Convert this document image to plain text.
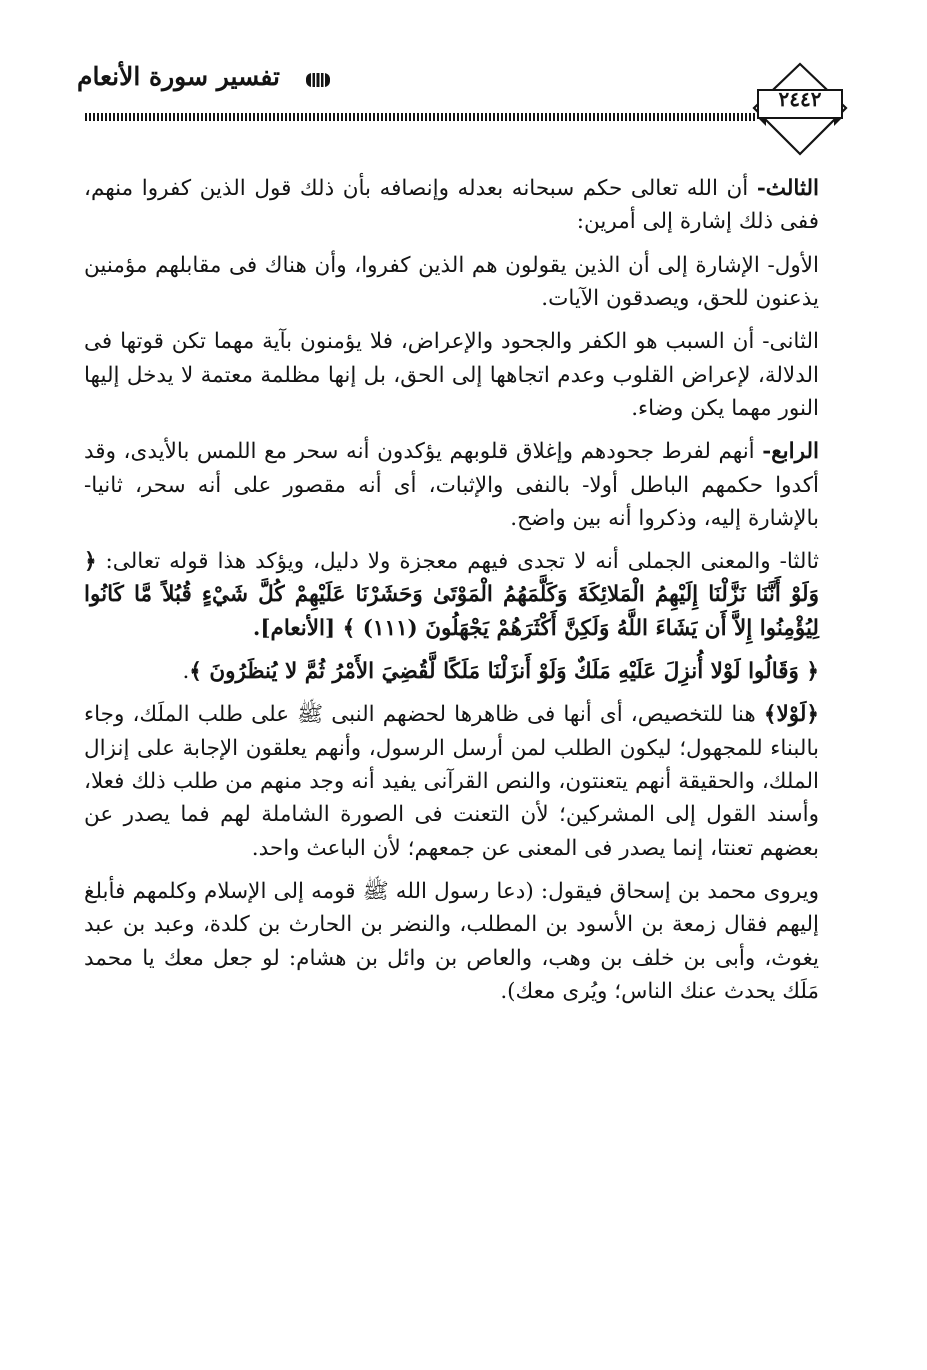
تفسير سورة الأنعام
٢٤٤٢

الثالث- أن الله تعالى حكم سبحانه بعدله وإنصافه بأن ذلك قول الذين كفروا منهم، ففى ذلك إشارة إلى أمرين:

الأول- الإشارة إلى أن الذين يقولون هم الذين كفروا، وأن هناك فى مقابلهم مؤمنين يذعنون للحق، ويصدقون الآيات.

الثانى- أن السبب هو الكفر والجحود والإعراض، فلا يؤمنون بآية مهما تكن قوتها فى الدلالة، لإعراض القلوب وعدم اتجاهها إلى الحق، بل إنها مظلمة معتمة لا يدخل إليها النور مهما يكن وضاء.

الرابع- أنهم لفرط جحودهم وإغلاق قلوبهم يؤكدون أنه سحر مع اللمس بالأيدى، وقد أكدوا حكمهم الباطل أولا- بالنفى والإثبات، أى أنه مقصور على أنه سحر، ثانيا- بالإشارة إليه، وذكروا أنه بين واضح.

ثالثا- والمعنى الجملى أنه لا تجدى فيهم معجزة ولا دليل، ويؤكد هذا قوله تعالى: ﴿ وَلَوْ أَنَّنَا نَزَّلْنَا إِلَيْهِمُ الْمَلائِكَةَ وَكَلَّمَهُمُ الْمَوْتَىٰ وَحَشَرْنَا عَلَيْهِمْ كُلَّ شَيْءٍ قُبُلاً مَّا كَانُوا لِيُؤْمِنُوا إِلاَّ أَن يَشَاءَ اللَّهُ وَلَكِنَّ أَكْثَرَهُمْ يَجْهَلُونَ (١١١) ﴾ [الأنعام].

﴿ وَقَالُوا لَوْلا أُنزِلَ عَلَيْهِ مَلَكٌ وَلَوْ أَنزَلْنَا مَلَكًا لَّقُضِيَ الأَمْرُ ثُمَّ لا يُنظَرُونَ ﴾.

﴿لَوْلا﴾ هنا للتخصيص، أى أنها فى ظاهرها لحضهم النبى ﷺ على طلب الملَك، وجاء بالبناء للمجهول؛ ليكون الطلب لمن أرسل الرسول، وأنهم يعلقون الإجابة على إنزال الملك، والحقيقة أنهم يتعنتون، والنص القرآنى يفيد أنه وجد منهم من طلب ذلك فعلا، وأسند القول إلى المشركين؛ لأن التعنت فى الصورة الشاملة لهم فما يصدر عن بعضهم تعنتا، إنما يصدر فى المعنى عن جمعهم؛ لأن الباعث واحد.

ويروى محمد بن إسحاق فيقول: (دعا رسول الله ﷺ قومه إلى الإسلام وكلمهم فأبلغ إليهم فقال زمعة بن الأسود بن المطلب، والنضر بن الحارث بن كلدة، وعبد بن عبد يغوث، وأبى بن خلف بن وهب، والعاص بن وائل بن هشام: لو جعل معك يا محمد مَلَك يحدث عنك الناس؛ ويُرى معك).
